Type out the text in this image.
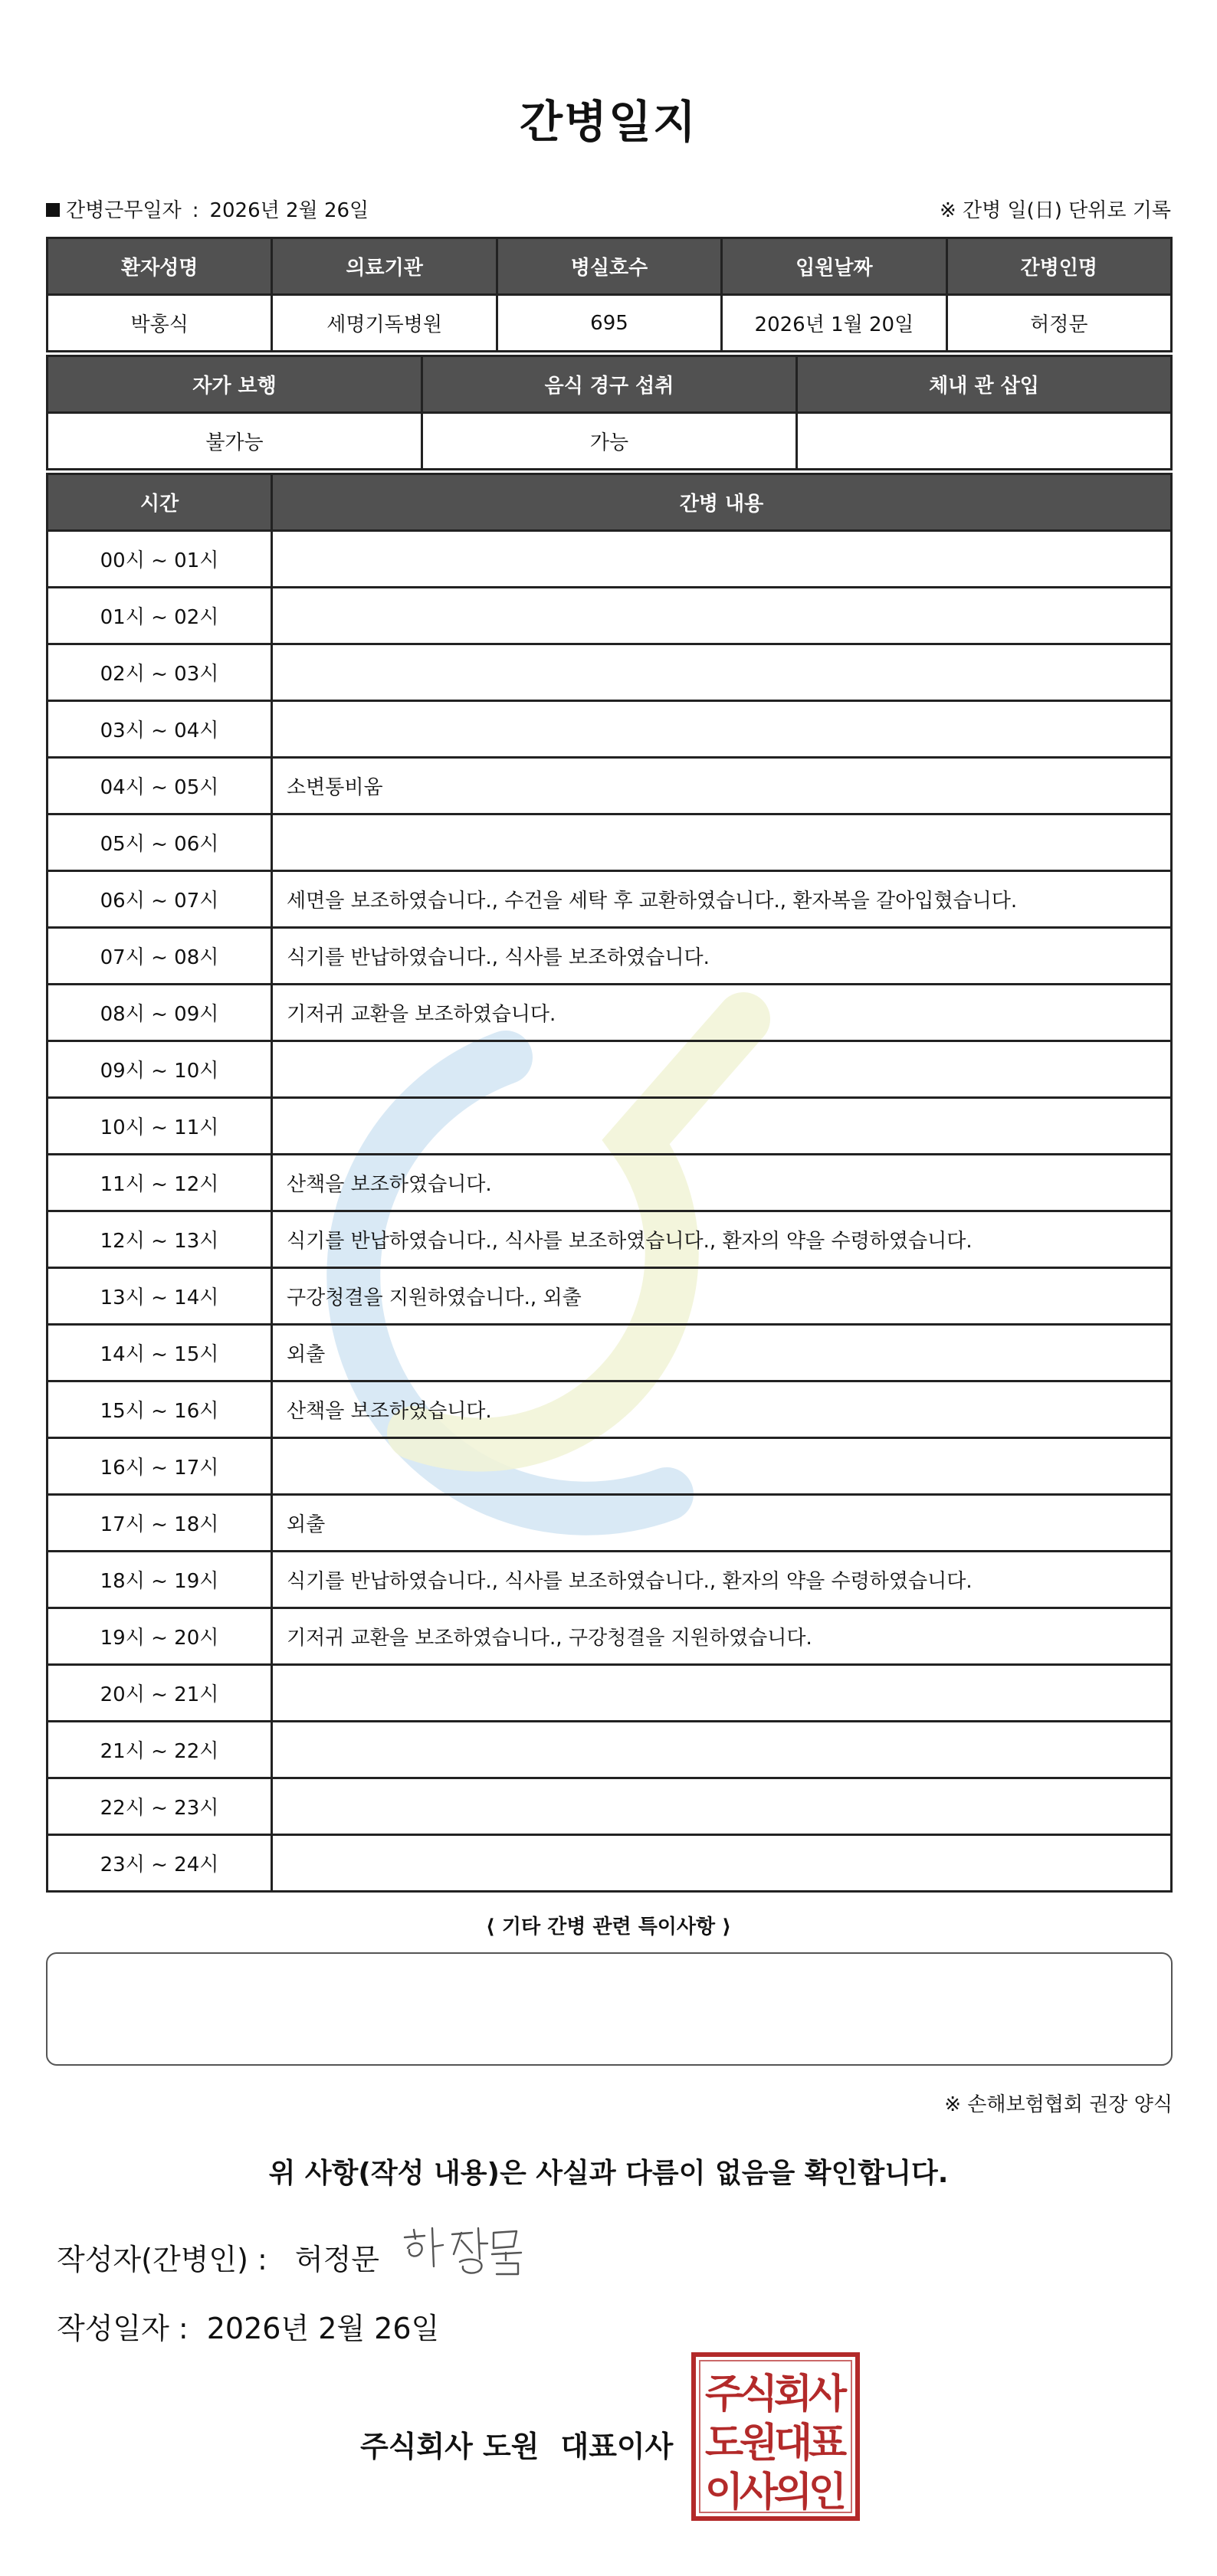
간병일지
간병근무일자 : 2026년 2월 26일	※ 간병 일(日) 단위로 기록
환자성명	의료기관	병실호수	입원날짜	간병인명
박홍식	세명기독병원	695	2026년 1월 20일	허정문
자가 보행	음식 경구 섭취	체내 관 삽입
불가능	가능	
시간	간병 내용
00시 ~ 01시	
01시 ~ 02시	
02시 ~ 03시	
03시 ~ 04시	
04시 ~ 05시	소변통비움
05시 ~ 06시	
06시 ~ 07시	세면을 보조하였습니다., 수건을 세탁 후 교환하였습니다., 환자복을 갈아입혔습니다.
07시 ~ 08시	식기를 반납하였습니다., 식사를 보조하였습니다.
08시 ~ 09시	기저귀 교환을 보조하였습니다.
09시 ~ 10시	
10시 ~ 11시	
11시 ~ 12시	산책을 보조하였습니다.
12시 ~ 13시	식기를 반납하였습니다., 식사를 보조하였습니다., 환자의 약을 수령하였습니다.
13시 ~ 14시	구강청결을 지원하였습니다., 외출
14시 ~ 15시	외출
15시 ~ 16시	산책을 보조하였습니다.
16시 ~ 17시	
17시 ~ 18시	외출
18시 ~ 19시	식기를 반납하였습니다., 식사를 보조하였습니다., 환자의 약을 수령하였습니다.
19시 ~ 20시	기저귀 교환을 보조하였습니다., 구강청결을 지원하였습니다.
20시 ~ 21시	
21시 ~ 22시	
22시 ~ 23시	
23시 ~ 24시	
⟨ 기타 간병 관련 특이사항 ⟩
※ 손해보험협회 권장 양식
위 사항(작성 내용)은 사실과 다름이 없음을 확인합니다.
작성자(간병인) : 허정문
작성일자 : 2026년 2월 26일
주식회사 도원 대표이사
주
식
회
사
도
원
대
표
이
사
의
인
